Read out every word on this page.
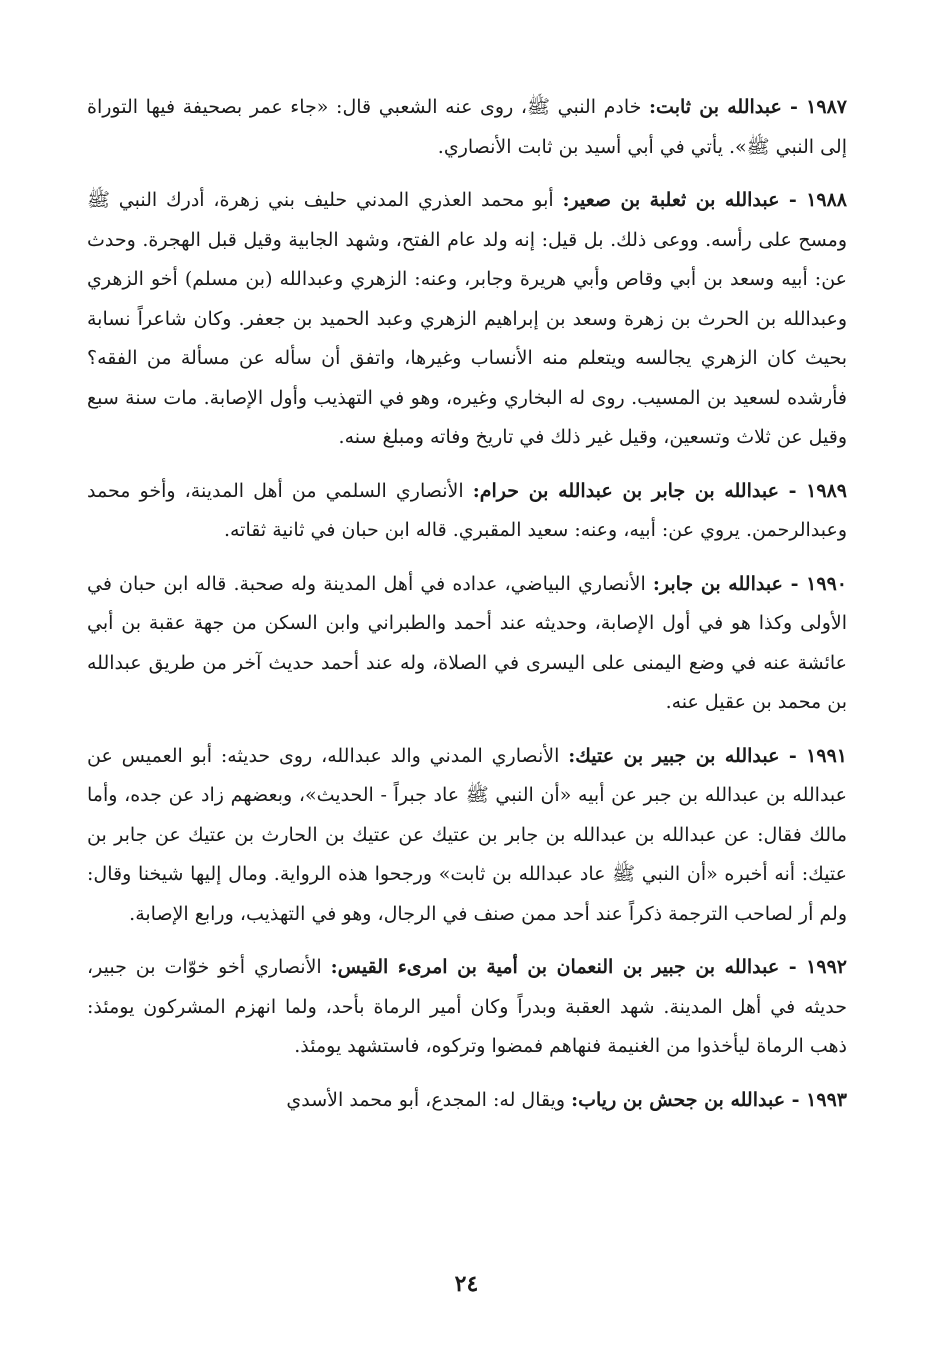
١٩٨٧ - عبدالله بن ثابت: خادم النبي ﷺ، روى عنه الشعبي قال: «جاء عمر بصحيفة فيها التوراة إلى النبي ﷺ». يأتي في أبي أسيد بن ثابت الأنصاري.

١٩٨٨ - عبدالله بن ثعلبة بن صعير: أبو محمد العذري المدني حليف بني زهرة، أدرك النبي ﷺ ومسح على رأسه. ووعى ذلك. بل قيل: إنه ولد عام الفتح، وشهد الجابية وقيل قبل الهجرة. وحدث عن: أبيه وسعد بن أبي وقاص وأبي هريرة وجابر، وعنه: الزهري وعبدالله (بن مسلم) أخو الزهري وعبدالله بن الحرث بن زهرة وسعد بن إبراهيم الزهري وعبد الحميد بن جعفر. وكان شاعراً نسابة بحيث كان الزهري يجالسه ويتعلم منه الأنساب وغيرها، واتفق أن سأله عن مسألة من الفقه؟ فأرشده لسعيد بن المسيب. روى له البخاري وغيره، وهو في التهذيب وأول الإصابة. مات سنة سبع وقيل عن ثلاث وتسعين، وقيل غير ذلك في تاريخ وفاته ومبلغ سنه.

١٩٨٩ - عبدالله بن جابر بن عبدالله بن حرام: الأنصاري السلمي من أهل المدينة، وأخو محمد وعبدالرحمن. يروي عن: أبيه، وعنه: سعيد المقبري. قاله ابن حبان في ثانية ثقاته.

١٩٩٠ - عبدالله بن جابر: الأنصاري البياضي، عداده في أهل المدينة وله صحبة. قاله ابن حبان في الأولى وكذا هو في أول الإصابة، وحديثه عند أحمد والطبراني وابن السكن من جهة عقبة بن أبي عائشة عنه في وضع اليمنى على اليسرى في الصلاة، وله عند أحمد حديث آخر من طريق عبدالله بن محمد بن عقيل عنه.

١٩٩١ - عبدالله بن جبير بن عتيك: الأنصاري المدني والد عبدالله، روى حديثه: أبو العميس عن عبدالله بن عبدالله بن جبر عن أبيه «أن النبي ﷺ عاد جبراً - الحديث»، وبعضهم زاد عن جده، وأما مالك فقال: عن عبدالله بن عبدالله بن جابر بن عتيك عن عتيك بن الحارث بن عتيك عن جابر بن عتيك: أنه أخبره «أن النبي ﷺ عاد عبدالله بن ثابت» ورجحوا هذه الرواية. ومال إليها شيخنا وقال: ولم أر لصاحب الترجمة ذكراً عند أحد ممن صنف في الرجال، وهو في التهذيب، ورابع الإصابة.

١٩٩٢ - عبدالله بن جبير بن النعمان بن أمية بن امرىء القيس: الأنصاري أخو خوّات بن جبير، حديثه في أهل المدينة. شهد العقبة وبدراً وكان أمير الرماة بأحد، ولما انهزم المشركون يومئذ: ذهب الرماة ليأخذوا من الغنيمة فنهاهم فمضوا وتركوه، فاستشهد يومئذ.

١٩٩٣ - عبدالله بن جحش بن رياب: ويقال له: المجدع، أبو محمد الأسدي

٢٤
